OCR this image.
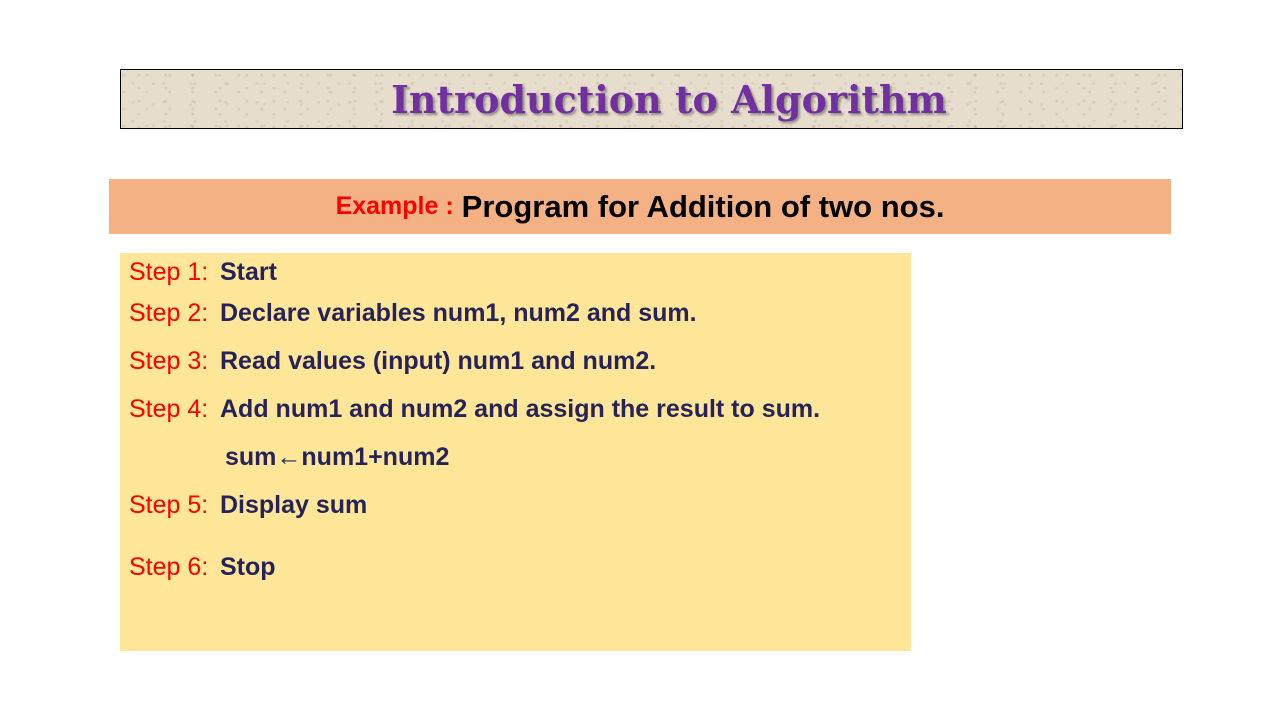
Introduction to Algorithm
Example : Program for Addition of two nos.
Step 1: Start
Step 2: Declare variables num1, num2 and sum.
Step 3: Read values (input) num1 and num2.
Step 4: Add num1 and num2 and assign the result to sum.
sum←num1+num2
Step 5: Display sum
Step 6: Stop
